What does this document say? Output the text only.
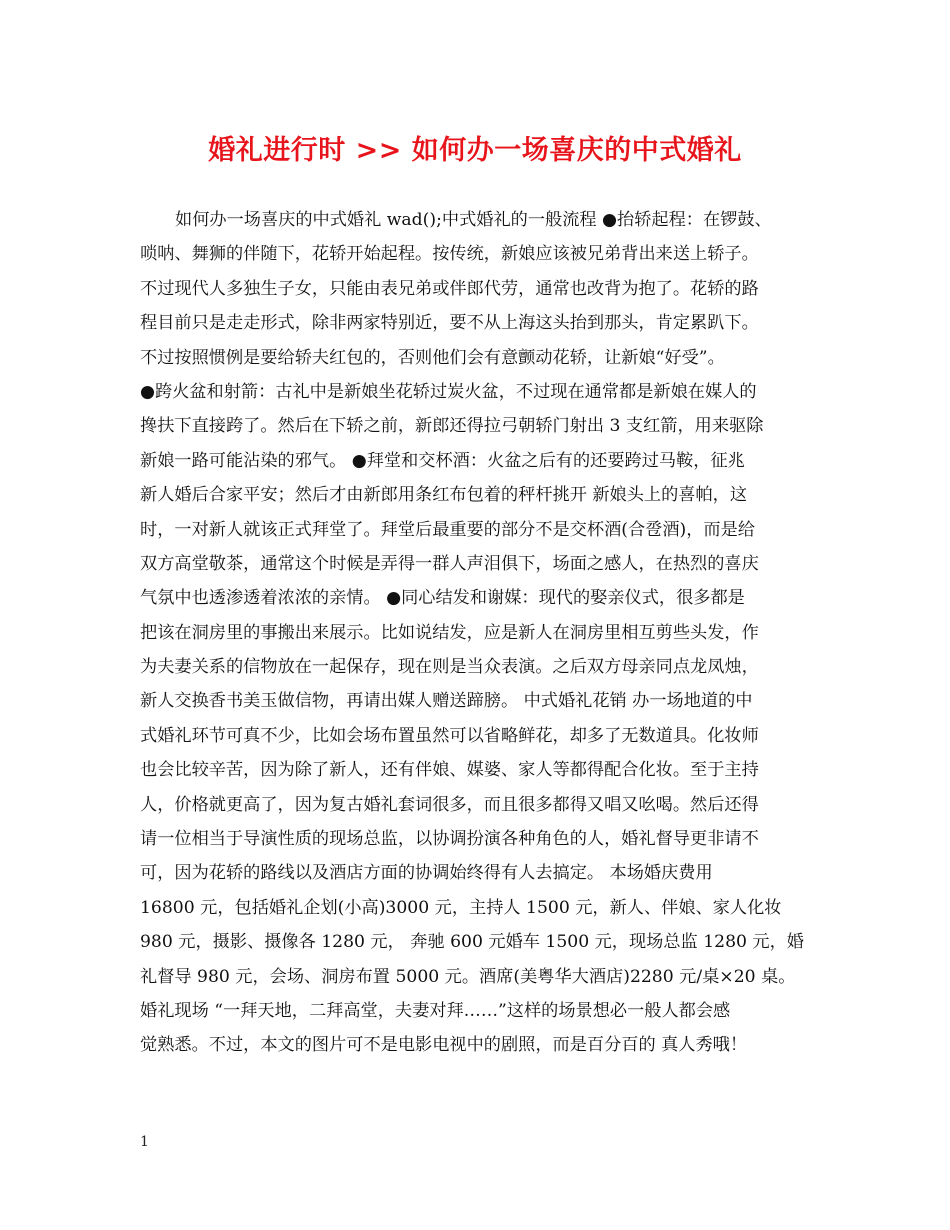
婚礼进行时 >> 如何办一场喜庆的中式婚礼
如何办一场喜庆的中式婚礼 wad();中式婚礼的一般流程 ●抬轿起程：在锣鼓、
唢呐、舞狮的伴随下，花轿开始起程。按传统，新娘应该被兄弟背出来送上轿子。
不过现代人多独生子女，只能由表兄弟或伴郎代劳，通常也改背为抱了。花轿的路
程目前只是走走形式，除非两家特别近，要不从上海这头抬到那头，肯定累趴下。
不过按照惯例是要给轿夫红包的，否则他们会有意颤动花轿，让新娘“好受”。
●跨火盆和射箭：古礼中是新娘坐花轿过炭火盆，不过现在通常都是新娘在媒人的
搀扶下直接跨了。然后在下轿之前，新郎还得拉弓朝轿门射出 3 支红箭，用来驱除
新娘一路可能沾染的邪气。 ●拜堂和交杯酒：火盆之后有的还要跨过马鞍，征兆
新人婚后合家平安；然后才由新郎用条红布包着的秤杆挑开 新娘头上的喜帕，这
时，一对新人就该正式拜堂了。拜堂后最重要的部分不是交杯酒(合卺酒)，而是给
双方高堂敬茶，通常这个时候是弄得一群人声泪俱下，场面之感人，在热烈的喜庆
气氛中也透渗透着浓浓的亲情。 ●同心结发和谢媒：现代的娶亲仪式，很多都是
把该在洞房里的事搬出来展示。比如说结发，应是新人在洞房里相互剪些头发，作
为夫妻关系的信物放在一起保存，现在则是当众表演。之后双方母亲同点龙凤烛，
新人交换香书美玉做信物，再请出媒人赠送蹄膀。 中式婚礼花销 办一场地道的中
式婚礼环节可真不少，比如会场布置虽然可以省略鲜花，却多了无数道具。化妆师
也会比较辛苦，因为除了新人，还有伴娘、媒婆、家人等都得配合化妆。至于主持
人，价格就更高了，因为复古婚礼套词很多，而且很多都得又唱又吆喝。然后还得
请一位相当于导演性质的现场总监，以协调扮演各种角色的人，婚礼督导更非请不
可，因为花轿的路线以及酒店方面的协调始终得有人去搞定。 本场婚庆费用
16800 元，包括婚礼企划(小高)3000 元，主持人 1500 元，新人、伴娘、家人化妆
980 元，摄影、摄像各 1280 元， 奔驰 600 元婚车 1500 元，现场总监 1280 元，婚
礼督导 980 元，会场、洞房布置 5000 元。酒席(美粤华大酒店)2280 元/桌×20 桌。
婚礼现场 “一拜天地，二拜高堂，夫妻对拜……”这样的场景想必一般人都会感
觉熟悉。不过，本文的图片可不是电影电视中的剧照，而是百分百的 真人秀哦！
1
